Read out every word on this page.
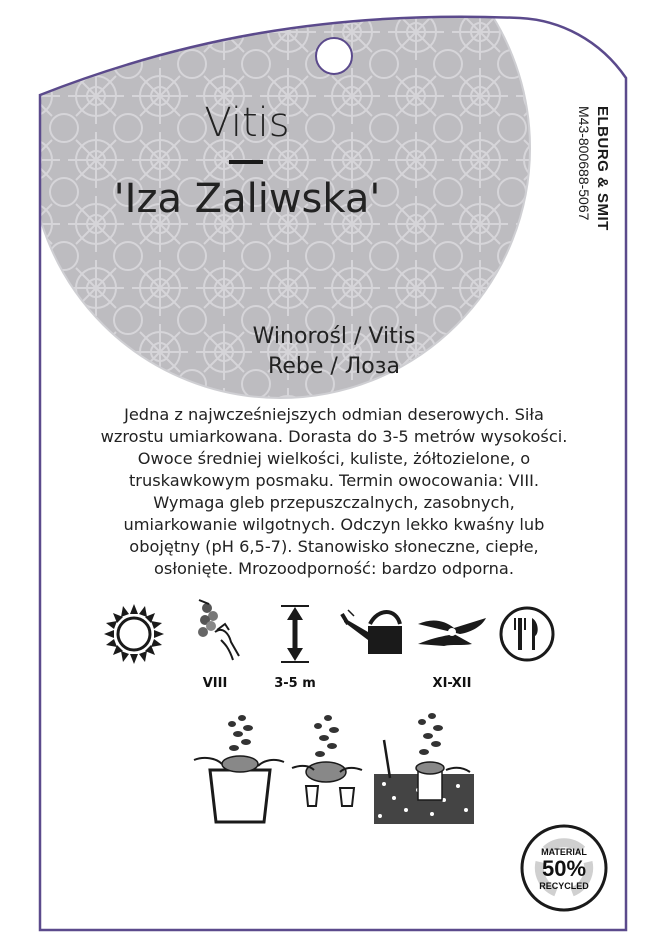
Vitis
'Iza Zaliwska'	ELBURG & SMIT
M43-800688-5067
Winorośl / Vitis
Rebe / Лоза
Jedna z najwcześniejszych odmian deserowych. Siła wzrostu umiarkowana. Dorasta do 3-5 metrów wysokości. Owoce średniej wielkości, kuliste, żółtozielone, o truskawkowym posmaku. Termin owocowania: VIII. Wymaga gleb przepuszczalnych, zasobnych, umiarkowanie wilgotnych. Odczyn lekko kwaśny lub obojętny (pH 6,5-7). Stanowisko słoneczne, ciepłe, osłonięte. Mrozoodporność: bardzo odporna.
VIII	3-5 m	XI-XII
MATERIAL
50%
RECYCLED
